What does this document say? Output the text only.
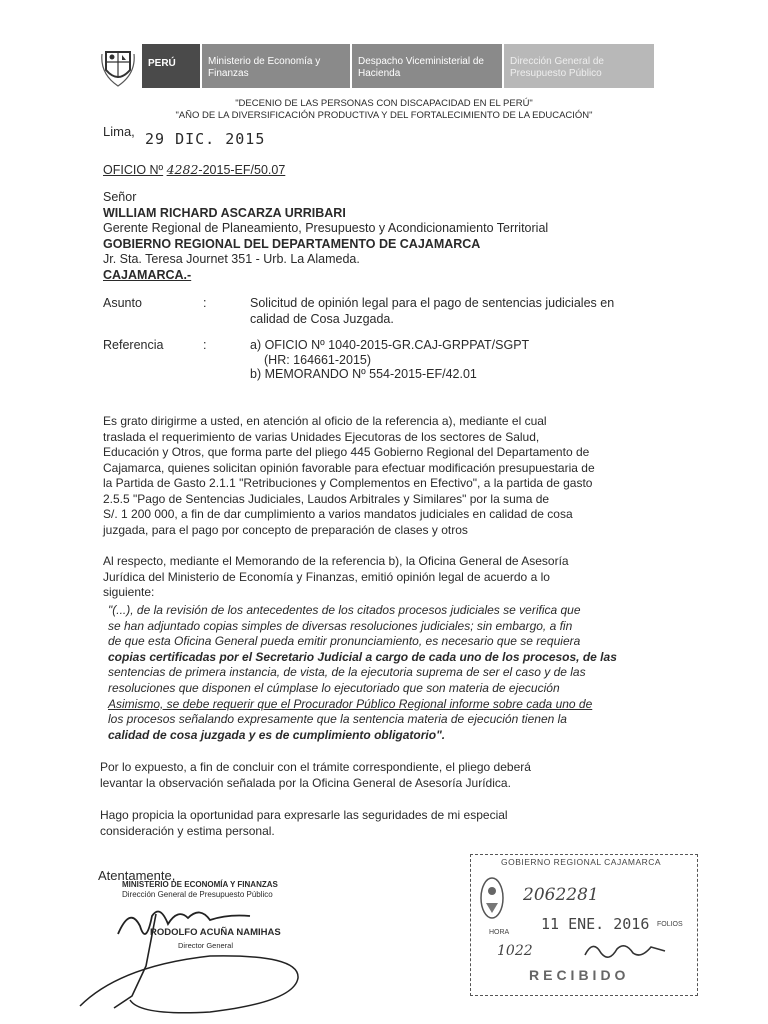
PERÚ	Ministerio de Economía y Finanzas
Despacho Viceministerial de Hacienda
Dirección General de Presupuesto Público
"DECENIO DE LAS PERSONAS CON DISCAPACIDAD EN EL PERÚ"
"AÑO DE LA DIVERSIFICACIÓN PRODUCTIVA Y DEL FORTALECIMIENTO DE LA EDUCACIÓN"
Lima, 29 DIC. 2015
OFICIO Nº 4282-2015-EF/50.07
Señor
WILLIAM RICHARD ASCARZA URRIBARI
Gerente Regional de Planeamiento, Presupuesto y Acondicionamiento Territorial
GOBIERNO REGIONAL DEL DEPARTAMENTO DE CAJAMARCA
Jr. Sta. Teresa Journet 351 - Urb. La Alameda.
CAJAMARCA.-
Asunto	:	Solicitud de opinión legal para el pago de sentencias judiciales en
calidad de Cosa Juzgada.
Referencia	:	a) OFICIO Nº 1040-2015-GR.CAJ-GRPPAT/SGPT
(HR: 164661-2015)
b) MEMORANDO Nº 554-2015-EF/42.01
Es grato dirigirme a usted, en atención al oficio de la referencia a), mediante el cual
traslada el requerimiento de varias Unidades Ejecutoras de los sectores de Salud,
Educación y Otros, que forma parte del pliego 445 Gobierno Regional del Departamento de
Cajamarca, quienes solicitan opinión favorable para efectuar modificación presupuestaria de
la Partida de Gasto 2.1.1 "Retribuciones y Complementos en Efectivo", a la partida de gasto
2.5.5 "Pago de Sentencias Judiciales, Laudos Arbitrales y Similares" por la suma de
S/. 1 200 000, a fin de dar cumplimiento a varios mandatos judiciales en calidad de cosa
juzgada, para el pago por concepto de preparación de clases y otros
Al respecto, mediante el Memorando de la referencia b), la Oficina General de Asesoría
Jurídica del Ministerio de Economía y Finanzas, emitió opinión legal de acuerdo a lo
siguiente:
"(...), de la revisión de los antecedentes de los citados procesos judiciales se verifica que
se han adjuntado copias simples de diversas resoluciones judiciales; sin embargo, a fin
de que esta Oficina General pueda emitir pronunciamiento, es necesario que se requiera
copias certificadas por el Secretario Judicial a cargo de cada uno de los procesos, de las
sentencias de primera instancia, de vista, de la ejecutoria suprema de ser el caso y de las
resoluciones que disponen el cúmplase lo ejecutoriado que son materia de ejecución
Asimismo, se debe requerir que el Procurador Público Regional informe sobre cada uno de
los procesos señalando expresamente que la sentencia materia de ejecución tienen la
calidad de cosa juzgada y es de cumplimiento obligatorio".
Por lo expuesto, a fin de concluir con el trámite correspondiente, el pliego deberá
levantar la observación señalada por la Oficina General de Asesoría Jurídica.
Hago propicia la oportunidad para expresarle las seguridades de mi especial
consideración y estima personal.
Atentamente,
MINISTERIO DE ECONOMÍA Y FINANZAS
Dirección General de Presupuesto Público
RODOLFO ACUÑA NAMIHAS
Director General
GOBIERNO REGIONAL CAJAMARCA
2062281
11 ENE. 2016 FOLIOS
HORA
1022
RECIBIDO
